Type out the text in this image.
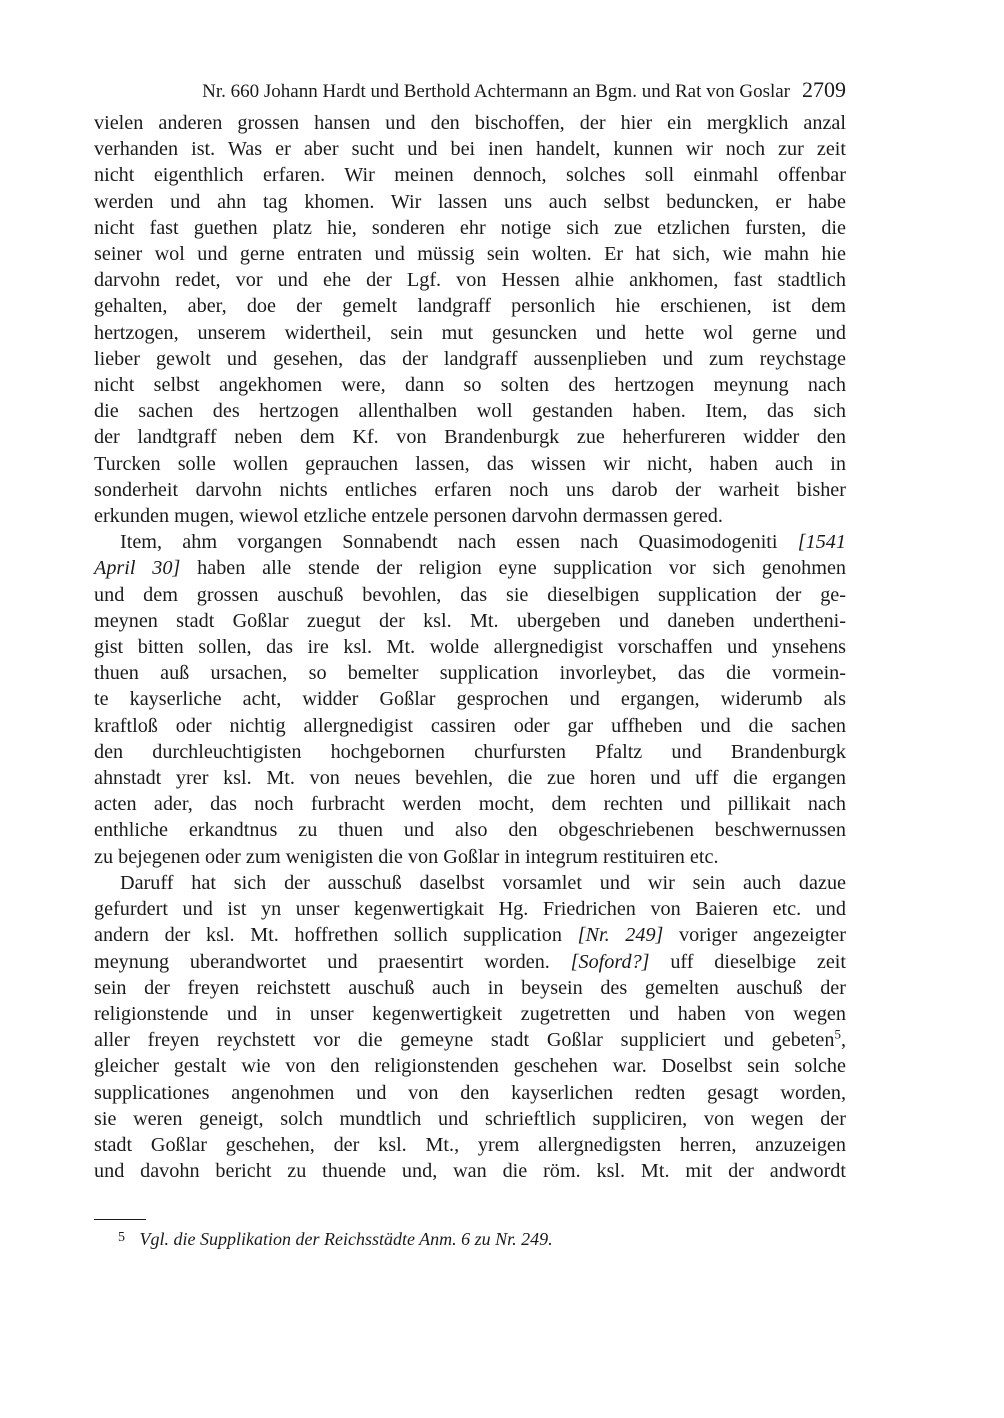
Nr. 660 Johann Hardt und Berthold Achtermann an Bgm. und Rat von Goslar 2709

vielen anderen grossen hansen und den bischoffen, der hier ein mergklich anzal
verhanden ist. Was er aber sucht und bei inen handelt, kunnen wir noch zur zeit
nicht eigenthlich erfaren. Wir meinen dennoch, solches soll einmahl offenbar
werden und ahn tag khomen. Wir lassen uns auch selbst beduncken, er habe
nicht fast guethen platz hie, sonderen ehr notige sich zue etzlichen fursten, die
seiner wol und gerne entraten und müssig sein wolten. Er hat sich, wie mahn hie
darvohn redet, vor und ehe der Lgf. von Hessen alhie ankhomen, fast stadtlich
gehalten, aber, doe der gemelt landgraff personlich hie erschienen, ist dem
hertzogen, unserem widertheil, sein mut gesuncken und hette wol gerne und
lieber gewolt und gesehen, das der landgraff aussenplieben und zum reychstage
nicht selbst angekhomen were, dann so solten des hertzogen meynung nach
die sachen des hertzogen allenthalben woll gestanden haben. Item, das sich
der landtgraff neben dem Kf. von Brandenburgk zue heherfureren widder den
Turcken solle wollen geprauchen lassen, das wissen wir nicht, haben auch in
sonderheit darvohn nichts entliches erfaren noch uns darob der warheit bisher
erkunden mugen, wiewol etzliche entzele personen darvohn dermassen gered.

Item, ahm vorgangen Sonnabendt nach essen nach Quasimodogeniti [1541
April 30] haben alle stende der religion eyne supplication vor sich genohmen
und dem grossen auschuß bevohlen, das sie dieselbigen supplication der ge-
meynen stadt Goßlar zuegut der ksl. Mt. ubergeben und daneben undertheni-
gist bitten sollen, das ire ksl. Mt. wolde allergnedigist vorschaffen und ynsehens
thuen auß ursachen, so bemelter supplication invorleybet, das die vormein-
te kayserliche acht, widder Goßlar gesprochen und ergangen, widerumb als
kraftloß oder nichtig allergnedigist cassiren oder gar uffheben und die sachen
den durchleuchtigisten hochgebornen churfursten Pfaltz und Brandenburgk
ahnstadt yrer ksl. Mt. von neues bevehlen, die zue horen und uff die ergangen
acten ader, das noch furbracht werden mocht, dem rechten und pillikait nach
enthliche erkandtnus zu thuen und also den obgeschriebenen beschwernussen
zu bejegenen oder zum wenigisten die von Goßlar in integrum restituiren etc.

Daruff hat sich der ausschuß daselbst vorsamlet und wir sein auch dazue
gefurdert und ist yn unser kegenwertigkait Hg. Friedrichen von Baieren etc. und
andern der ksl. Mt. hoffrethen sollich supplication [Nr. 249] voriger angezeigter
meynung uberandwortet und praesentirt worden. [Soford?] uff dieselbige zeit
sein der freyen reichstett auschuß auch in beysein des gemelten auschuß der
religionstende und in unser kegenwertigkeit zugetretten und haben von wegen
aller freyen reychstett vor die gemeyne stadt Goßlar suppliciert und gebeten$^5$,
gleicher gestalt wie von den religionstenden geschehen war. Doselbst sein solche
supplicationes angenohmen und von den kayserlichen redten gesagt worden,
sie weren geneigt, solch mundtlich und schrieftlich suppliciren, von wegen der
stadt Goßlar geschehen, der ksl. Mt., yrem allergnedigsten herren, anzuzeigen
und davohn bericht zu thuende und, wan die röm. ksl. Mt. mit der andwordt

$^5$ Vgl. die Supplikation der Reichsstädte Anm. 6 zu Nr. 249.
